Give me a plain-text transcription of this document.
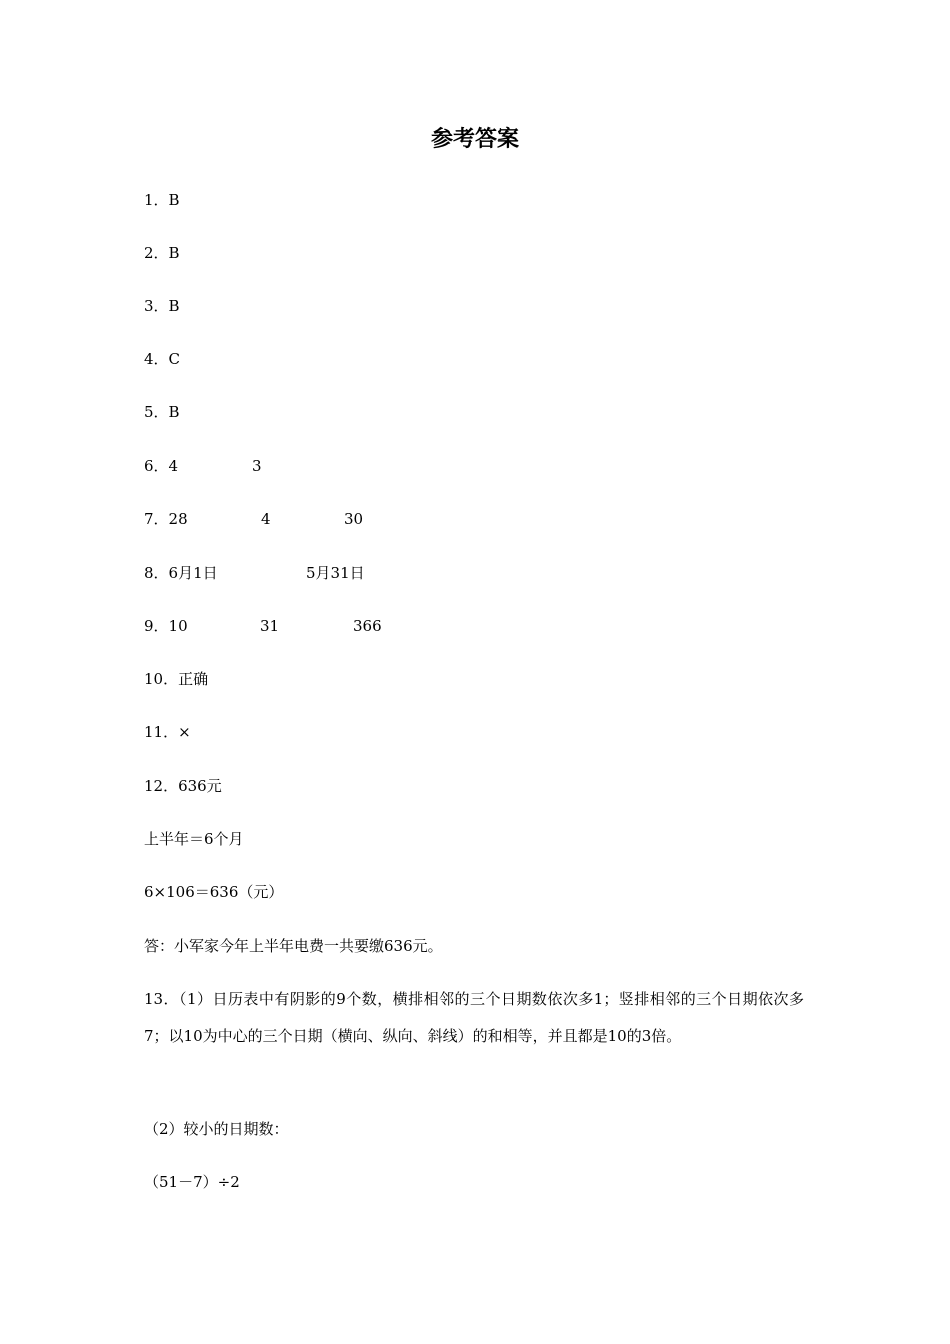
参考答案
1．B
2．B
3．B
4．C
5．B
6．4	3
7．28	4	30
8．6月1日	5月31日
9．10	31	366
10．正确
11．×
12．636元
上半年＝6个月
6×106＝636（元）
答：小军家今年上半年电费一共要缴636元。
13．（1）日历表中有阴影的9个数，横排相邻的三个日期数依次多1；竖排相邻的三个日期依次多7；以10为中心的三个日期（横向、纵向、斜线）的和相等，并且都是10的3倍。
（2）较小的日期数：
（51－7）÷2
